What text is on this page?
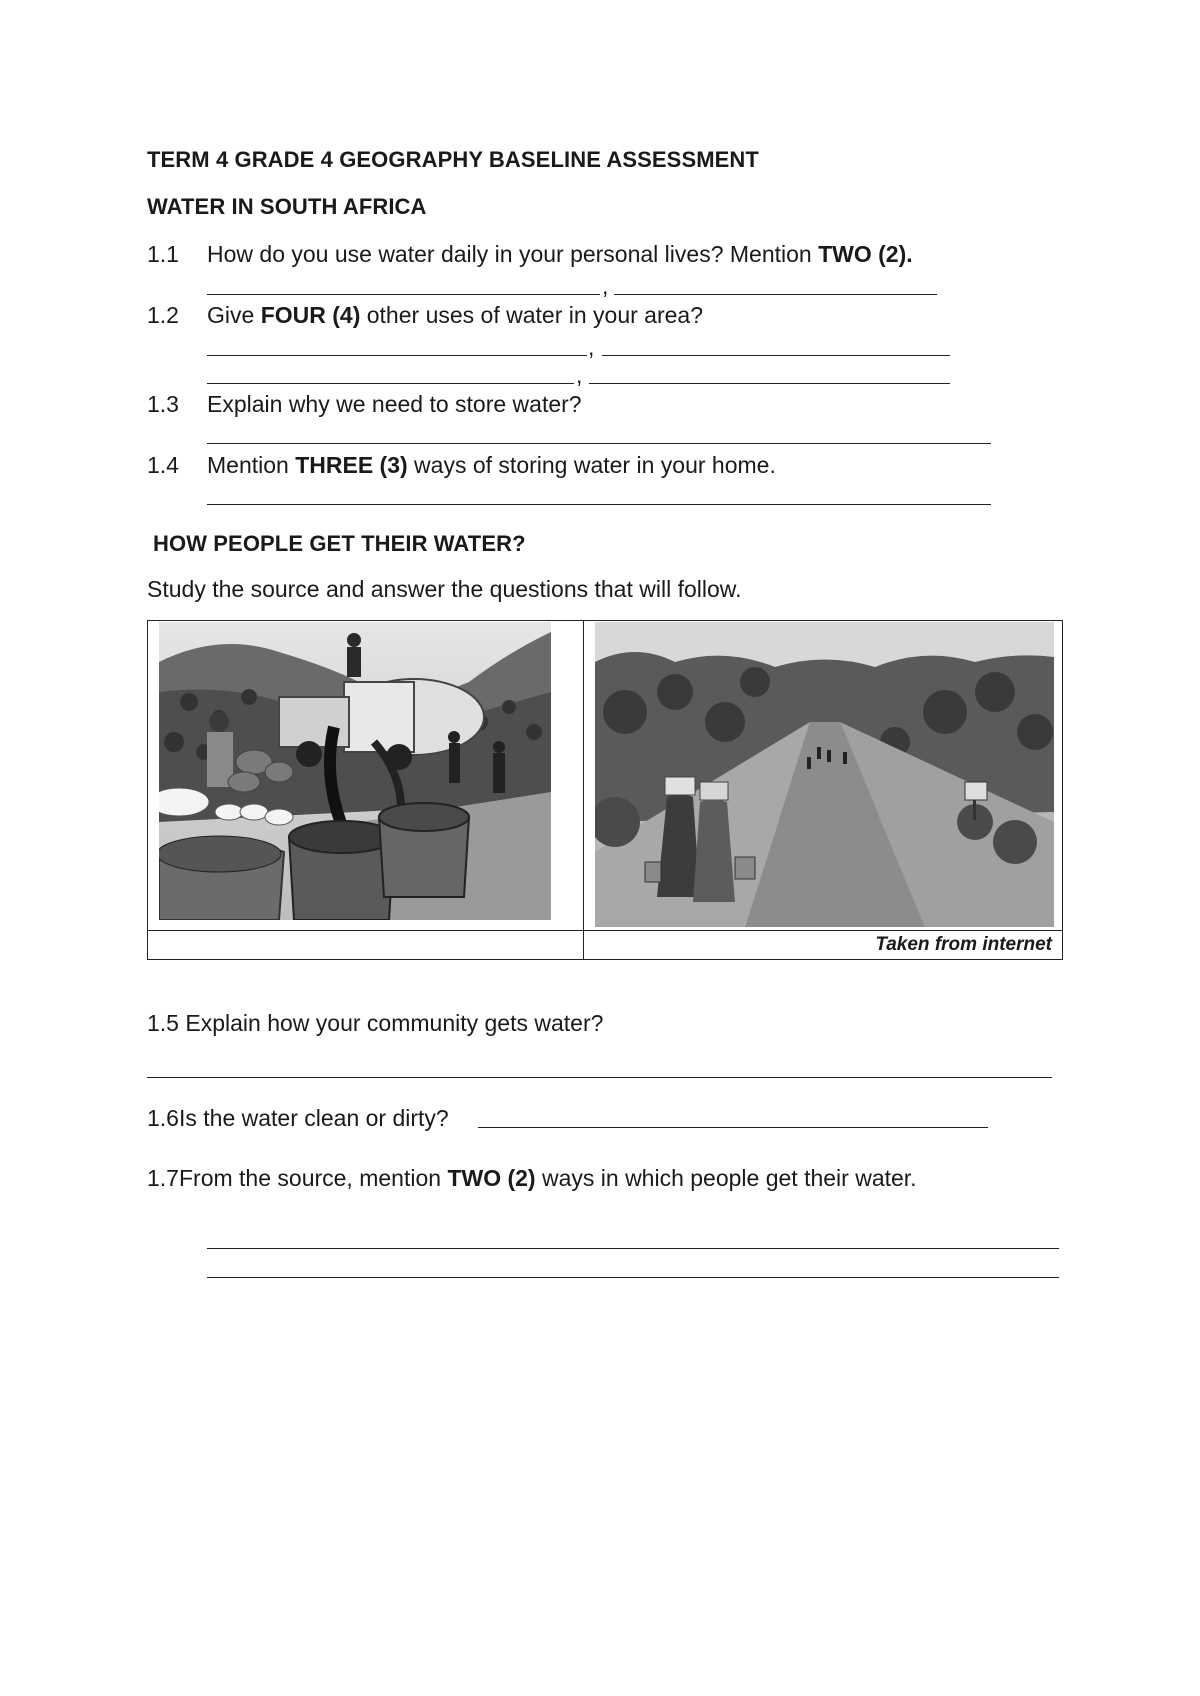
TERM 4 GRADE 4 GEOGRAPHY BASELINE ASSESSMENT
WATER IN SOUTH AFRICA
1.1 How do you use water daily in your personal lives? Mention TWO (2).
,
1.2 Give FOUR (4) other uses of water in your area?
,
,
1.3 Explain why we need to store water?
1.4 Mention THREE (3) ways of storing water in your home.
HOW PEOPLE GET THEIR WATER?
Study the source and answer the questions that will follow.
Taken from internet
1.5 Explain how your community gets water?
1.6Is the water clean or dirty?
1.7From the source, mention TWO (2) ways in which people get their water.
